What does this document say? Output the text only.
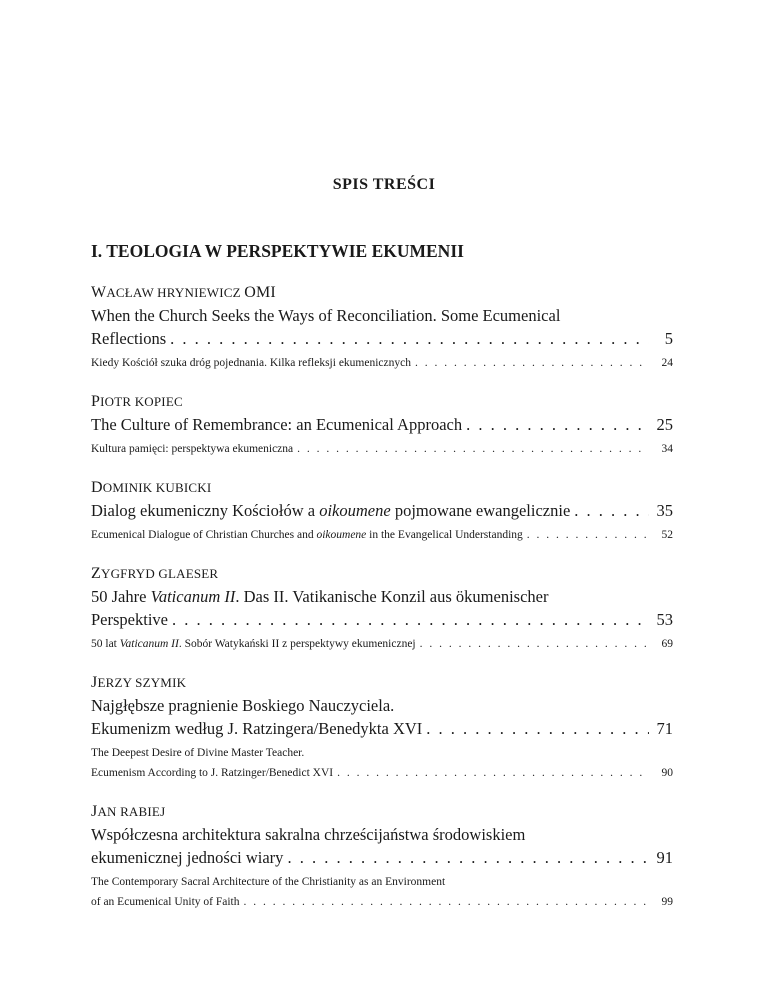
SPIS TREŚCI
I. TEOLOGIA W PERSPEKTYWIE EKUMENII
WACŁAW HRYNIEWICZ OMI
When the Church Seeks the Ways of Reconciliation. Some Ecumenical
Reflections . . .	5
Kiedy Kościół szuka dróg pojednania. Kilka refleksji ekumenicznych . . .	24
PIOTR KOPIEC
The Culture of Remembrance: an Ecumenical Approach . . .	25
Kultura pamięci: perspektywa ekumeniczna . . .	34
DOMINIK KUBICKI
Dialog ekumeniczny Kościołów a oikoumene pojmowane ewangelicznie . . .	35
Ecumenical Dialogue of Christian Churches and oikoumene in the Evangelical Understanding . . .	52
ZYGFRYD GLAESER
50 Jahre Vaticanum II. Das II. Vatikanische Konzil aus ökumenischer
Perspektive . . .	53
50 lat Vaticanum II. Sobór Watykański II z perspektywy ekumenicznej . . .	69
JERZY SZYMIK
Najgłębsze pragnienie Boskiego Nauczyciela.
Ekumenizm według J. Ratzingera/Benedykta XVI . . .	71
The Deepest Desire of Divine Master Teacher.
Ecumenism According to J. Ratzinger/Benedict XVI . . .	90
JAN RABIEJ
Współczesna architektura sakralna chrześcijaństwa środowiskiem
ekumenicznej jedności wiary . . .	91
The Contemporary Sacral Architecture of the Christianity as an Environment
of an Ecumenical Unity of Faith . . .	99
